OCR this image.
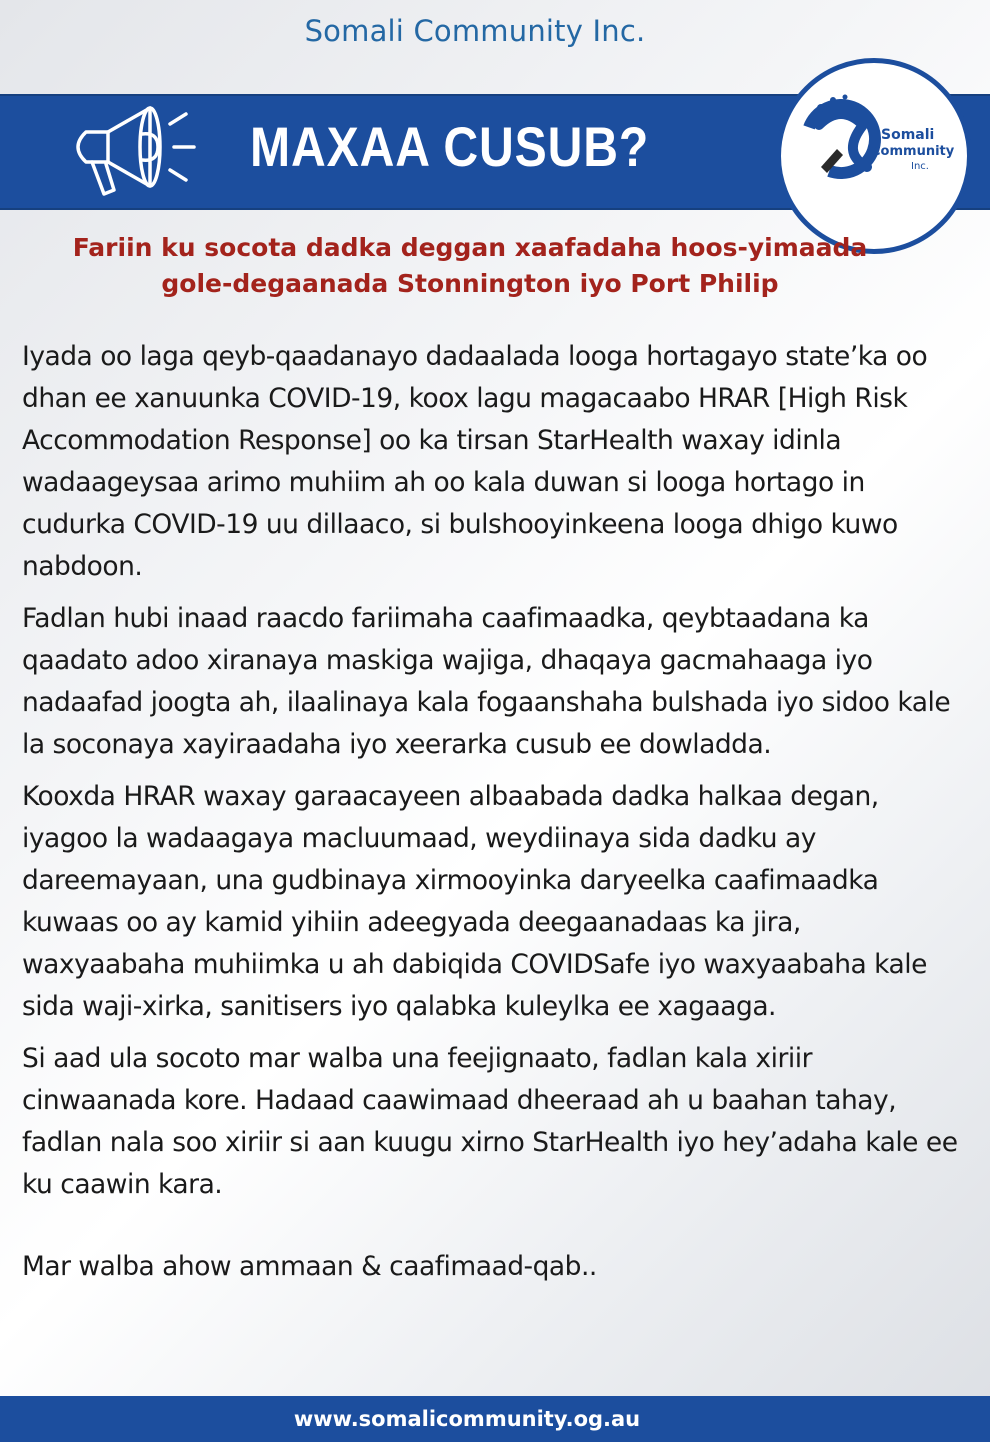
Somali Community Inc.
MAXAA CUSUB?	Somali
Community
Inc.
Fariin ku socota dadka deggan xaafadaha hoos-yimaada
gole-degaanada Stonnington iyo Port Philip

Iyada oo laga qeyb-qaadanayo dadaalada looga hortagayo state’ka oo dhan ee xanuunka COVID-19, koox lagu magacaabo HRAR [High Risk Accommodation Response] oo ka tirsan StarHealth waxay idinla wadaageysaa arimo muhiim ah oo kala duwan si looga hortago in cudurka COVID-19 uu dillaaco, si bulshooyinkeena looga dhigo kuwo nabdoon.

Fadlan hubi inaad raacdo fariimaha caafimaadka, qeybtaadana ka qaadato adoo xiranaya maskiga wajiga, dhaqaya gacmahaaga iyo nadaafad joogta ah, ilaalinaya kala fogaanshaha bulshada iyo sidoo kale la soconaya xayiraadaha iyo xeerarka cusub ee dowladda.

Kooxda HRAR waxay garaacayeen albaabada dadka halkaa degan, iyagoo la wadaagaya macluumaad, weydiinaya sida dadku ay dareemayaan, una gudbinaya xirmooyinka daryeelka caafimaadka kuwaas oo ay kamid yihiin adeegyada deegaanadaas ka jira, waxyaabaha muhiimka u ah dabiqida COVIDSafe iyo waxyaabaha kale sida waji-xirka, sanitisers iyo qalabka kuleylka ee xagaaga.

Si aad ula socoto mar walba una feejignaato, fadlan kala xiriir cinwaanada kore. Hadaad caawimaad dheeraad ah u baahan tahay, fadlan nala soo xiriir si aan kuugu xirno StarHealth iyo hey’adaha kale ee ku caawin kara.

Mar walba ahow ammaan & caafimaad-qab..

www.somalicommunity.og.au
